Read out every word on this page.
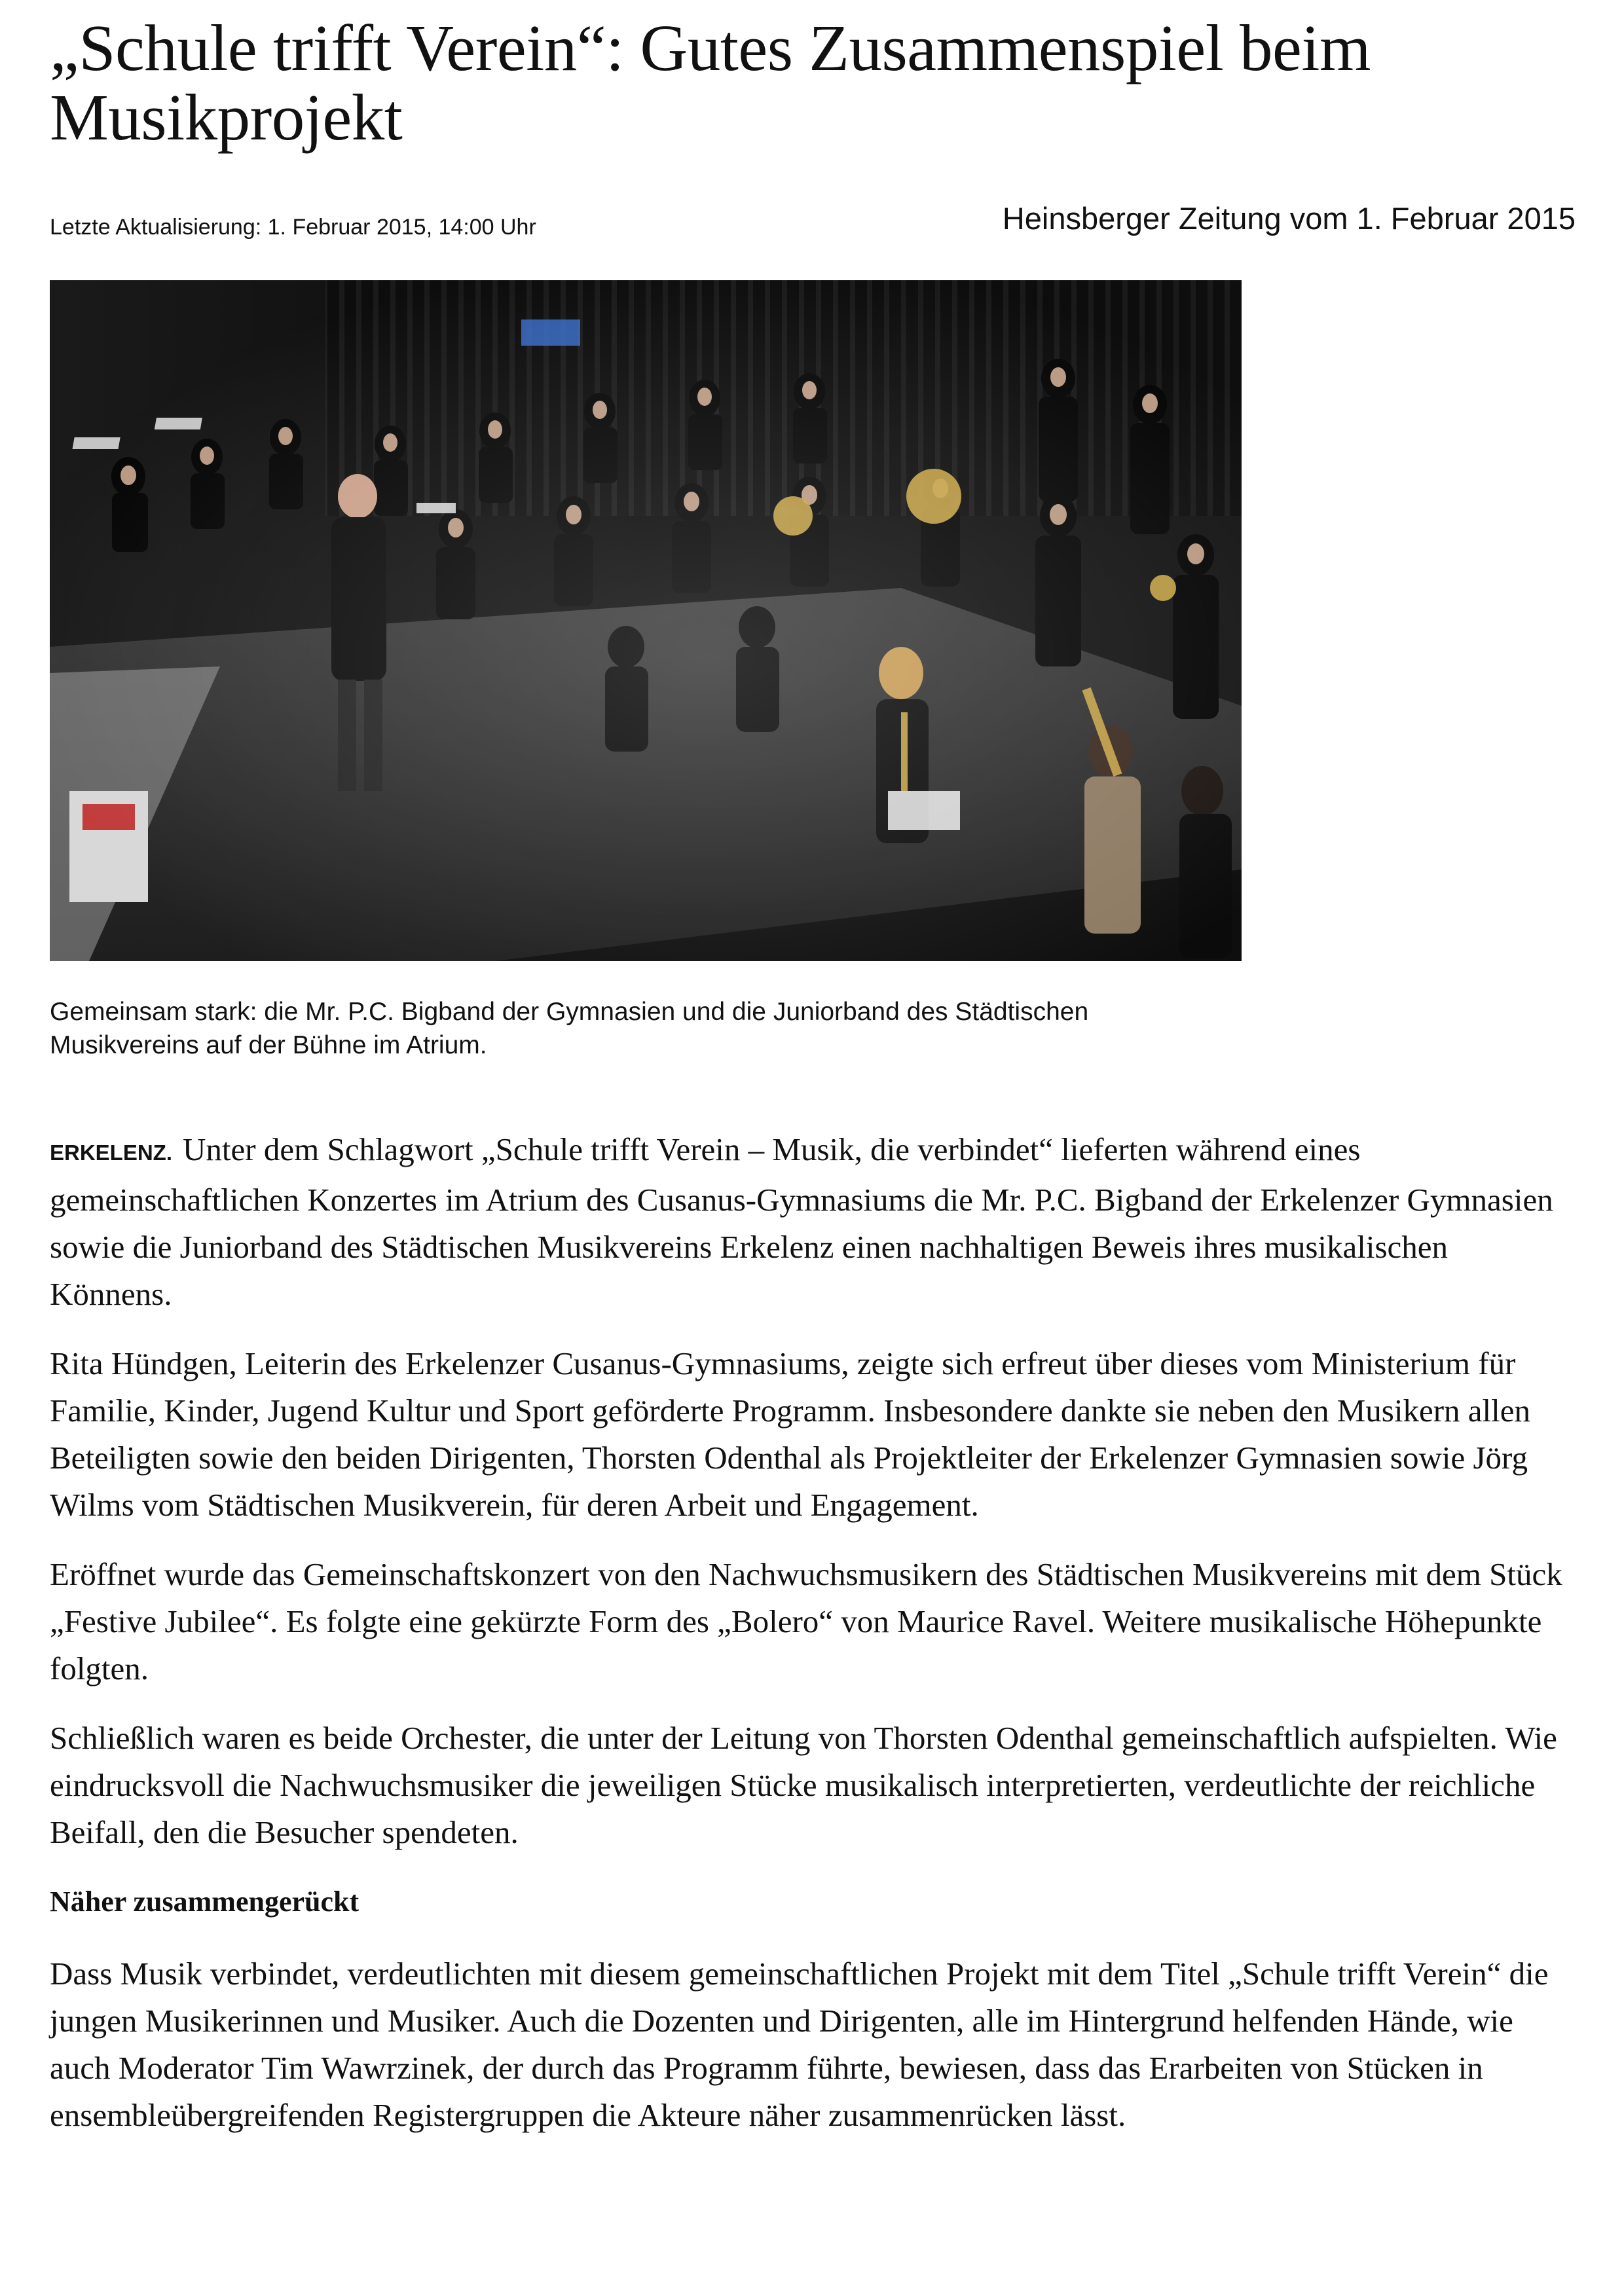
„Schule trifft Verein“: Gutes Zusammenspiel beim Musikprojekt
Letzte Aktualisierung: 1. Februar 2015, 14:00 Uhr	Heinsberger Zeitung vom 1. Februar 2015

Gemeinsam stark: die Mr. P.C. Bigband der Gymnasien und die Juniorband des Städtischen Musikvereins auf der Bühne im Atrium.

ERKELENZ. Unter dem Schlagwort „Schule trifft Verein – Musik, die verbindet“ lieferten während eines gemeinschaftlichen Konzertes im Atrium des Cusanus-Gymnasiums die Mr. P.C. Bigband der Erkelenzer Gymnasien sowie die Juniorband des Städtischen Musikvereins Erkelenz einen nachhaltigen Beweis ihres musikalischen Könnens.

Rita Hündgen, Leiterin des Erkelenzer Cusanus-Gymnasiums, zeigte sich erfreut über dieses vom Ministerium für Familie, Kinder, Jugend Kultur und Sport geförderte Programm. Insbesondere dankte sie neben den Musikern allen Beteiligten sowie den beiden Dirigenten, Thorsten Odenthal als Projektleiter der Erkelenzer Gymnasien sowie Jörg Wilms vom Städtischen Musikverein, für deren Arbeit und Engagement.

Eröffnet wurde das Gemeinschaftskonzert von den Nachwuchsmusikern des Städtischen Musikvereins mit dem Stück „Festive Jubilee“. Es folgte eine gekürzte Form des „Bolero“ von Maurice Ravel. Weitere musikalische Höhepunkte folgten.

Schließlich waren es beide Orchester, die unter der Leitung von Thorsten Odenthal gemeinschaftlich aufspielten. Wie eindrucksvoll die Nachwuchsmusiker die jeweiligen Stücke musikalisch interpretierten, verdeutlichte der reichliche Beifall, den die Besucher spendeten.

Näher zusammengerückt

Dass Musik verbindet, verdeutlichten mit diesem gemeinschaftlichen Projekt mit dem Titel „Schule trifft Verein“ die jungen Musikerinnen und Musiker. Auch die Dozenten und Dirigenten, alle im Hintergrund helfenden Hände, wie auch Moderator Tim Wawrzinek, der durch das Programm führte, bewiesen, dass das Erarbeiten von Stücken in ensembleübergreifenden Registergruppen die Akteure näher zusammenrücken lässt.
